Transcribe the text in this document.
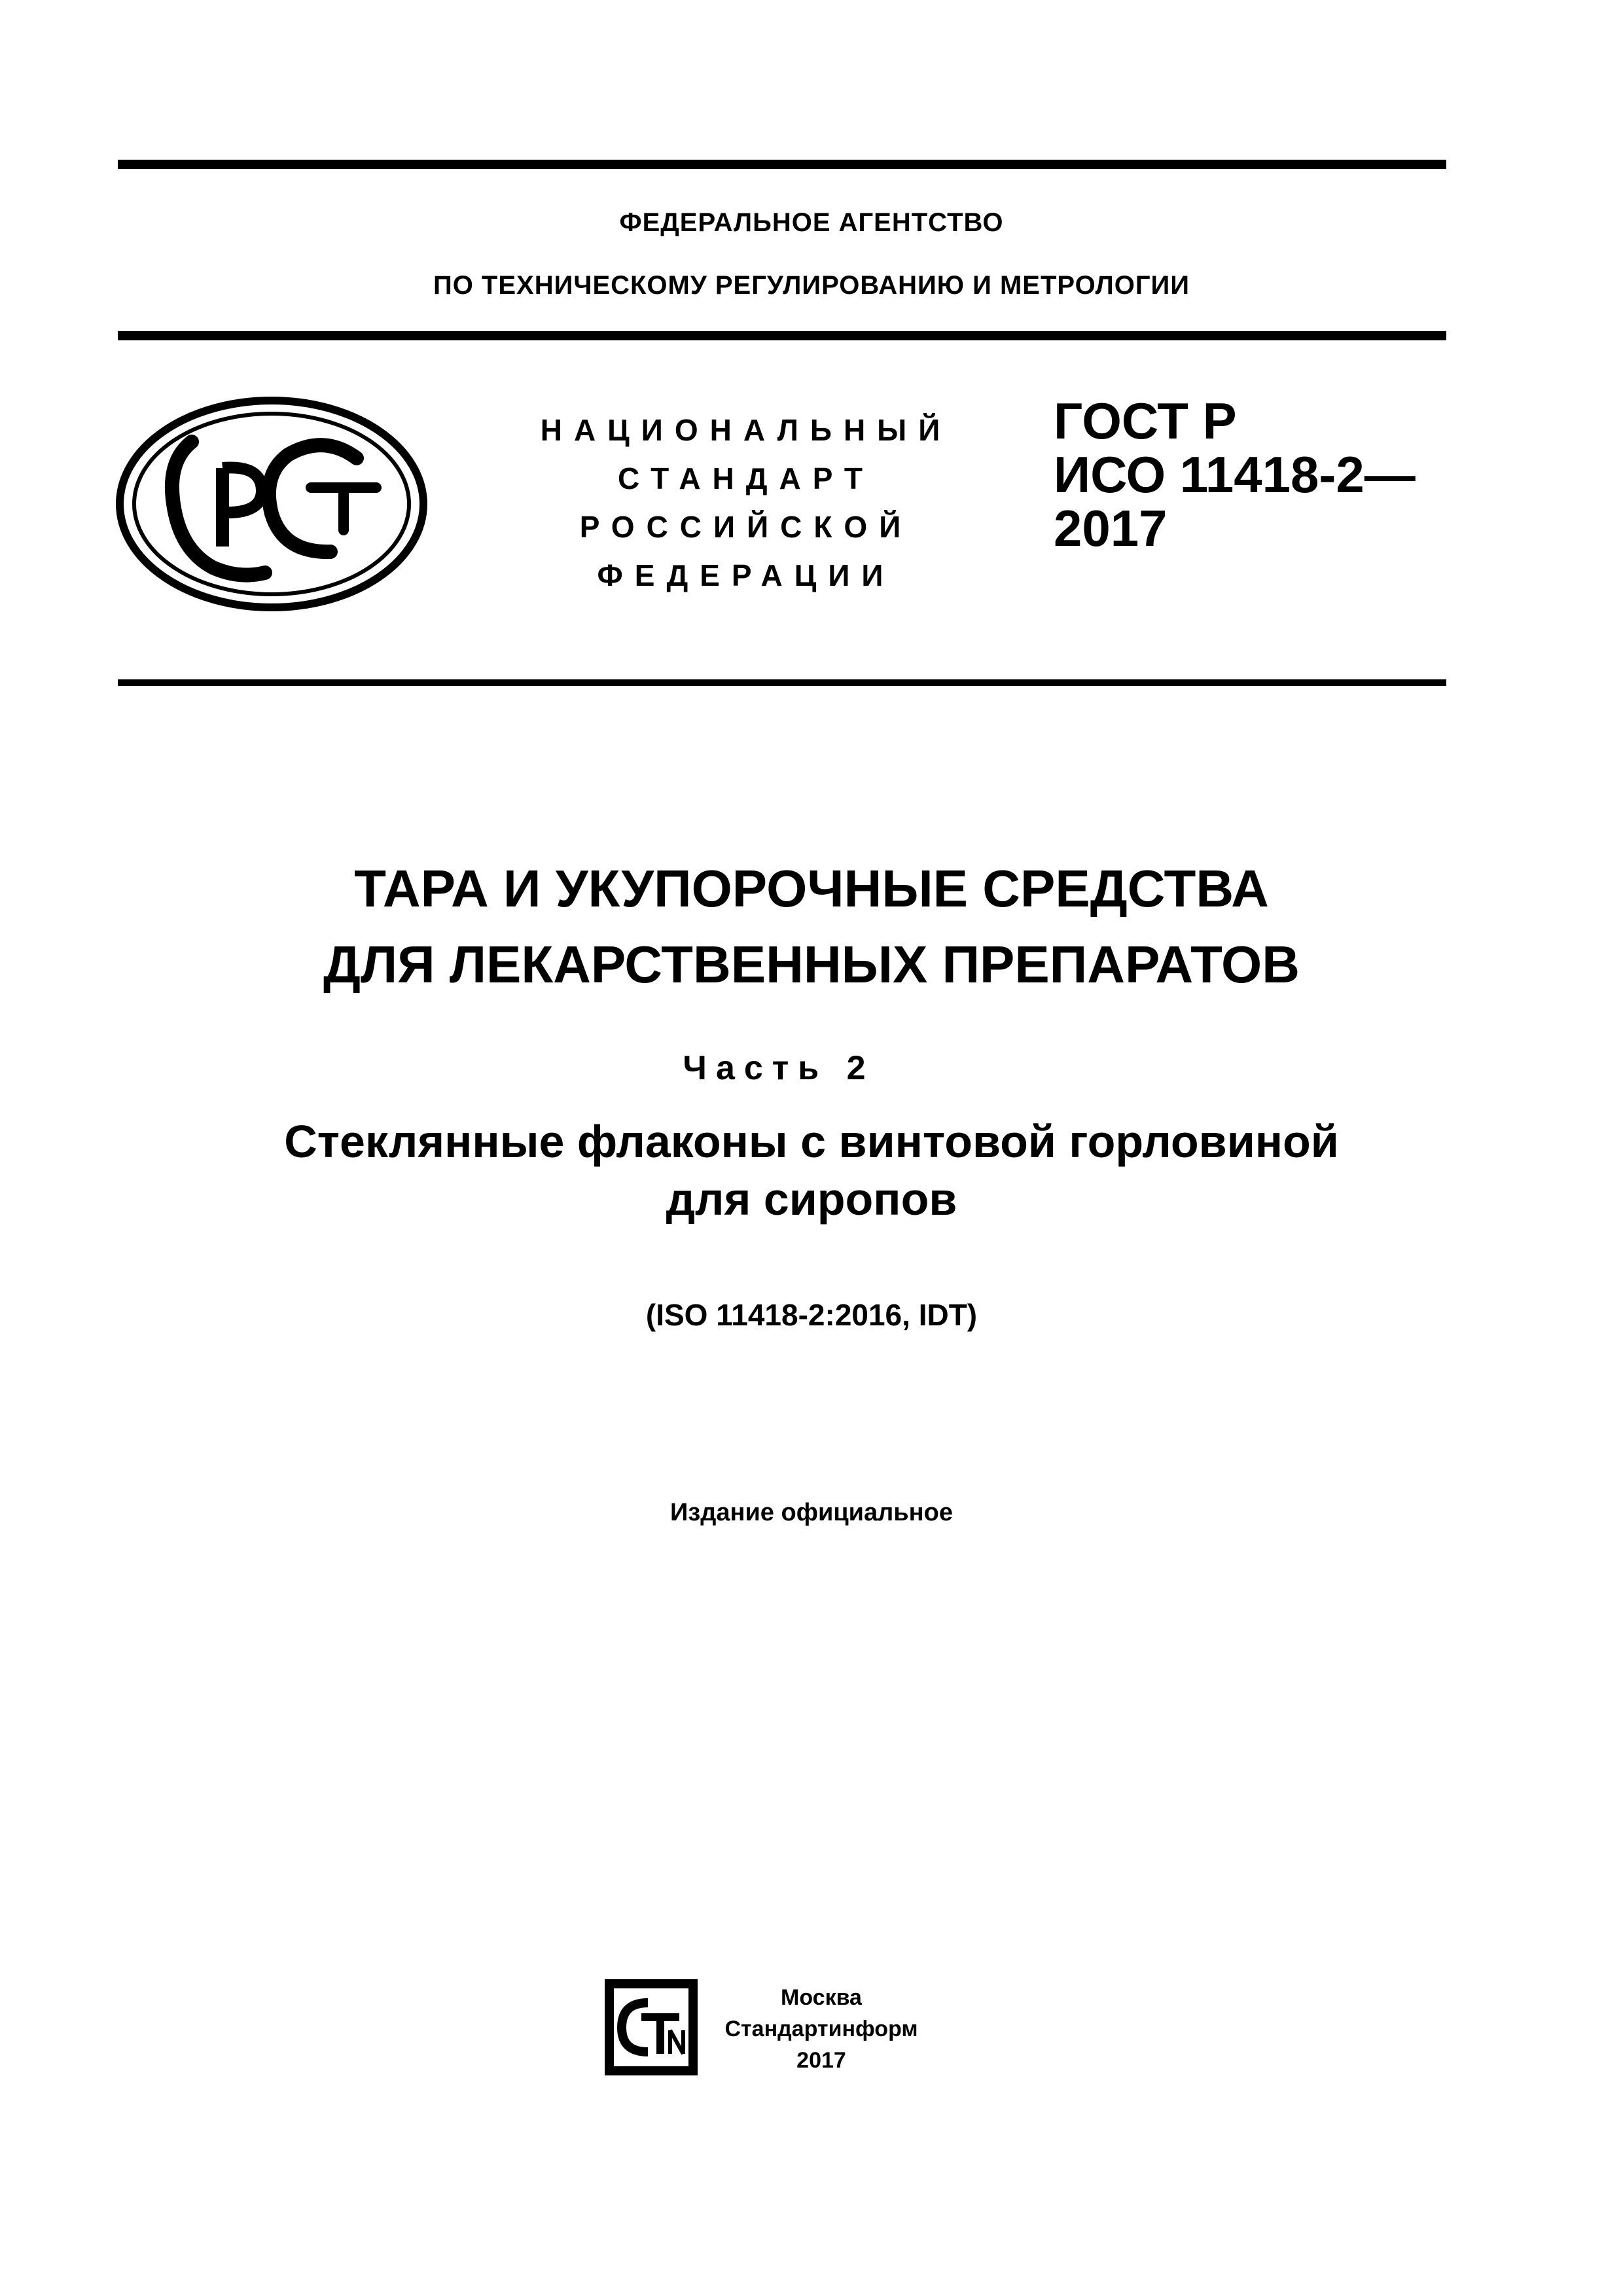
ФЕДЕРАЛЬНОЕ АГЕНТСТВО
ПО ТЕХНИЧЕСКОМУ РЕГУЛИРОВАНИЮ И МЕТРОЛОГИИ
НАЦИОНАЛЬНЫЙ
СТАНДАРТ
РОССИЙСКОЙ
ФЕДЕРАЦИИ
ГОСТ Р
ИСО 11418-2—
2017
ТАРА И УКУПОРОЧНЫЕ СРЕДСТВА
ДЛЯ ЛЕКАРСТВЕННЫХ ПРЕПАРАТОВ
Часть 2
Стеклянные флаконы с винтовой горловиной
для сиропов
(ISO 11418-2:2016, IDT)
Издание официальное
Москва
Стандартинформ
2017
